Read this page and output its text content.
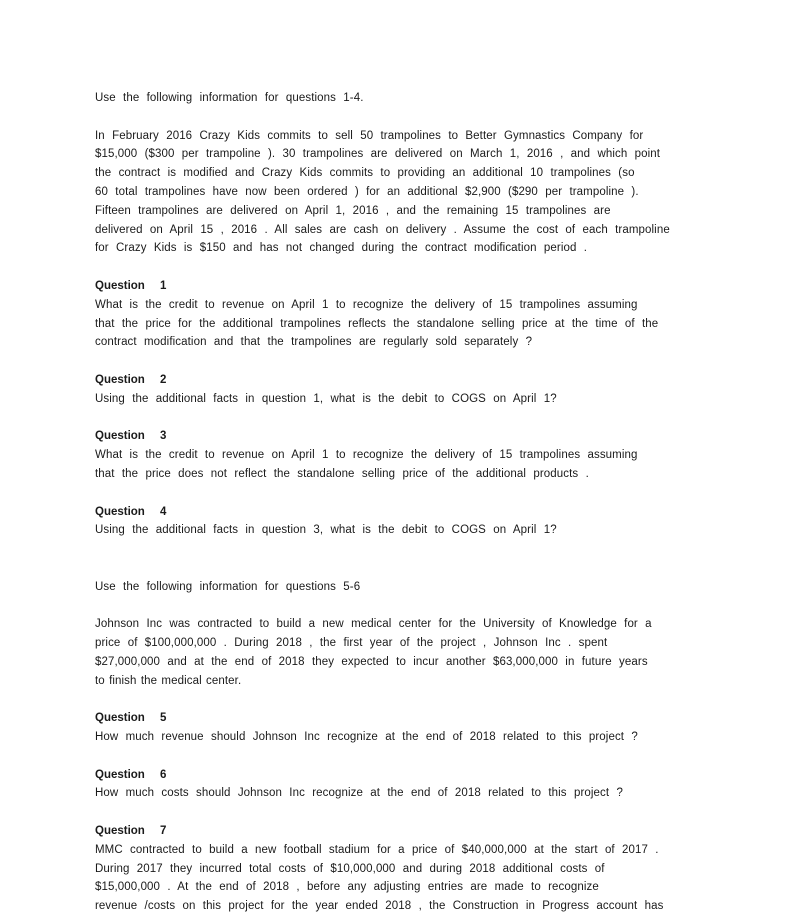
Use the following information for questions 1-4.
In February 2016 Crazy Kids commits to sell 50 trampolines to Better Gymnastics Company for
$15,000 ($300 per trampoline ). 30 trampolines are delivered on March 1, 2016 , and which point
the contract is modified and Crazy Kids commits to providing an additional 10 trampolines (so
60 total trampolines have now been ordered ) for an additional $2,900 ($290 per trampoline ).
Fifteen trampolines are delivered on April 1, 2016 , and the remaining 15 trampolines are
delivered on April 15 , 2016 . All sales are cash on delivery . Assume the cost of each trampoline
for Crazy Kids is $150 and has not changed during the contract modification period .
Question 1
What is the credit to revenue on April 1 to recognize the delivery of 15 trampolines assuming
that the price for the additional trampolines reflects the standalone selling price at the time of the
contract modification and that the trampolines are regularly sold separately ?
Question 2
Using the additional facts in question 1, what is the debit to COGS on April 1?
Question 3
What is the credit to revenue on April 1 to recognize the delivery of 15 trampolines assuming
that the price does not reflect the standalone selling price of the additional products .
Question 4
Using the additional facts in question 3, what is the debit to COGS on April 1?
Use the following information for questions 5-6
Johnson Inc was contracted to build a new medical center for the University of Knowledge for a
price of $100,000,000 . During 2018 , the first year of the project , Johnson Inc . spent
$27,000,000 and at the end of 2018 they expected to incur another $63,000,000 in future years
to finish the medical center.
Question 5
How much revenue should Johnson Inc recognize at the end of 2018 related to this project ?
Question 6
How much costs should Johnson Inc recognize at the end of 2018 related to this project ?
Question 7
MMC contracted to build a new football stadium for a price of $40,000,000 at the start of 2017 .
During 2017 they incurred total costs of $10,000,000 and during 2018 additional costs of
$15,000,000 . At the end of 2018 , before any adjusting entries are made to recognize
revenue /costs on this project for the year ended 2018 , the Construction in Progress account has
